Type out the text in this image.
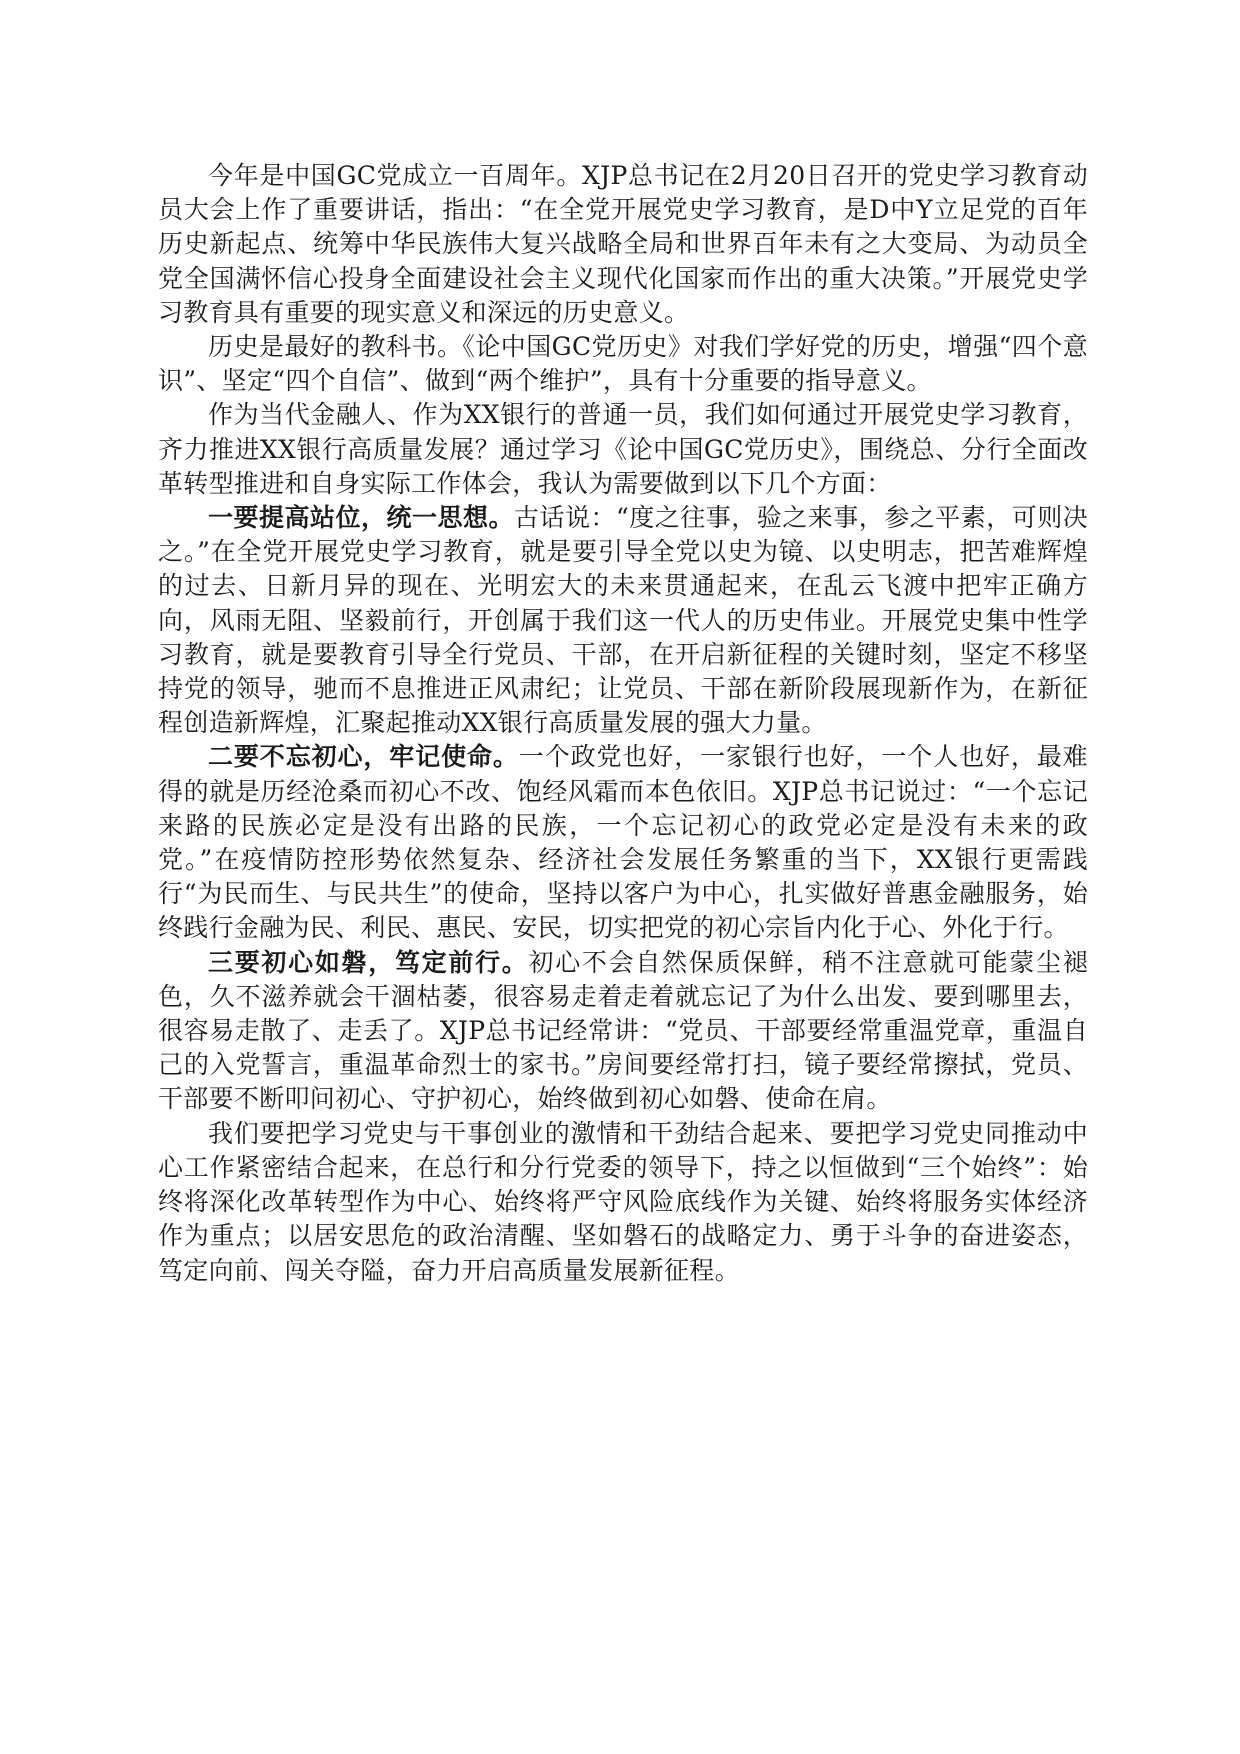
今年是中国GC党成立一百周年。XJP总书记在2月20日召开的党史学习教育动员大会上作了重要讲话，指出：“在全党开展党史学习教育，是D中Y立足党的百年历史新起点、统筹中华民族伟大复兴战略全局和世界百年未有之大变局、为动员全党全国满怀信心投身全面建设社会主义现代化国家而作出的重大决策。”开展党史学习教育具有重要的现实意义和深远的历史意义。

历史是最好的教科书。《论中国GC党历史》对我们学好党的历史，增强“四个意识”、坚定“四个自信”、做到“两个维护”，具有十分重要的指导意义。

作为当代金融人、作为XX银行的普通一员，我们如何通过开展党史学习教育，齐力推进XX银行高质量发展？通过学习《论中国GC党历史》，围绕总、分行全面改革转型推进和自身实际工作体会，我认为需要做到以下几个方面：

一要提高站位，统一思想。古话说：“度之往事，验之来事，参之平素，可则决之。”在全党开展党史学习教育，就是要引导全党以史为镜、以史明志，把苦难辉煌的过去、日新月异的现在、光明宏大的未来贯通起来，在乱云飞渡中把牢正确方向，风雨无阻、坚毅前行，开创属于我们这一代人的历史伟业。开展党史集中性学习教育，就是要教育引导全行党员、干部，在开启新征程的关键时刻，坚定不移坚持党的领导，驰而不息推进正风肃纪；让党员、干部在新阶段展现新作为，在新征程创造新辉煌，汇聚起推动XX银行高质量发展的强大力量。

二要不忘初心，牢记使命。一个政党也好，一家银行也好，一个人也好，最难得的就是历经沧桑而初心不改、饱经风霜而本色依旧。XJP总书记说过：“一个忘记来路的民族必定是没有出路的民族，一个忘记初心的政党必定是没有未来的政党。”在疫情防控形势依然复杂、经济社会发展任务繁重的当下，XX银行更需践行“为民而生、与民共生”的使命，坚持以客户为中心，扎实做好普惠金融服务，始终践行金融为民、利民、惠民、安民，切实把党的初心宗旨内化于心、外化于行。

三要初心如磐，笃定前行。初心不会自然保质保鲜，稍不注意就可能蒙尘褪色，久不滋养就会干涸枯萎，很容易走着走着就忘记了为什么出发、要到哪里去，很容易走散了、走丢了。XJP总书记经常讲：“党员、干部要经常重温党章，重温自己的入党誓言，重温革命烈士的家书。”房间要经常打扫，镜子要经常擦拭，党员、干部要不断叩问初心、守护初心，始终做到初心如磐、使命在肩。

我们要把学习党史与干事创业的激情和干劲结合起来、要把学习党史同推动中心工作紧密结合起来，在总行和分行党委的领导下，持之以恒做到“三个始终”：始终将深化改革转型作为中心、始终将严守风险底线作为关键、始终将服务实体经济作为重点；以居安思危的政治清醒、坚如磐石的战略定力、勇于斗争的奋进姿态，笃定向前、闯关夺隘，奋力开启高质量发展新征程。
